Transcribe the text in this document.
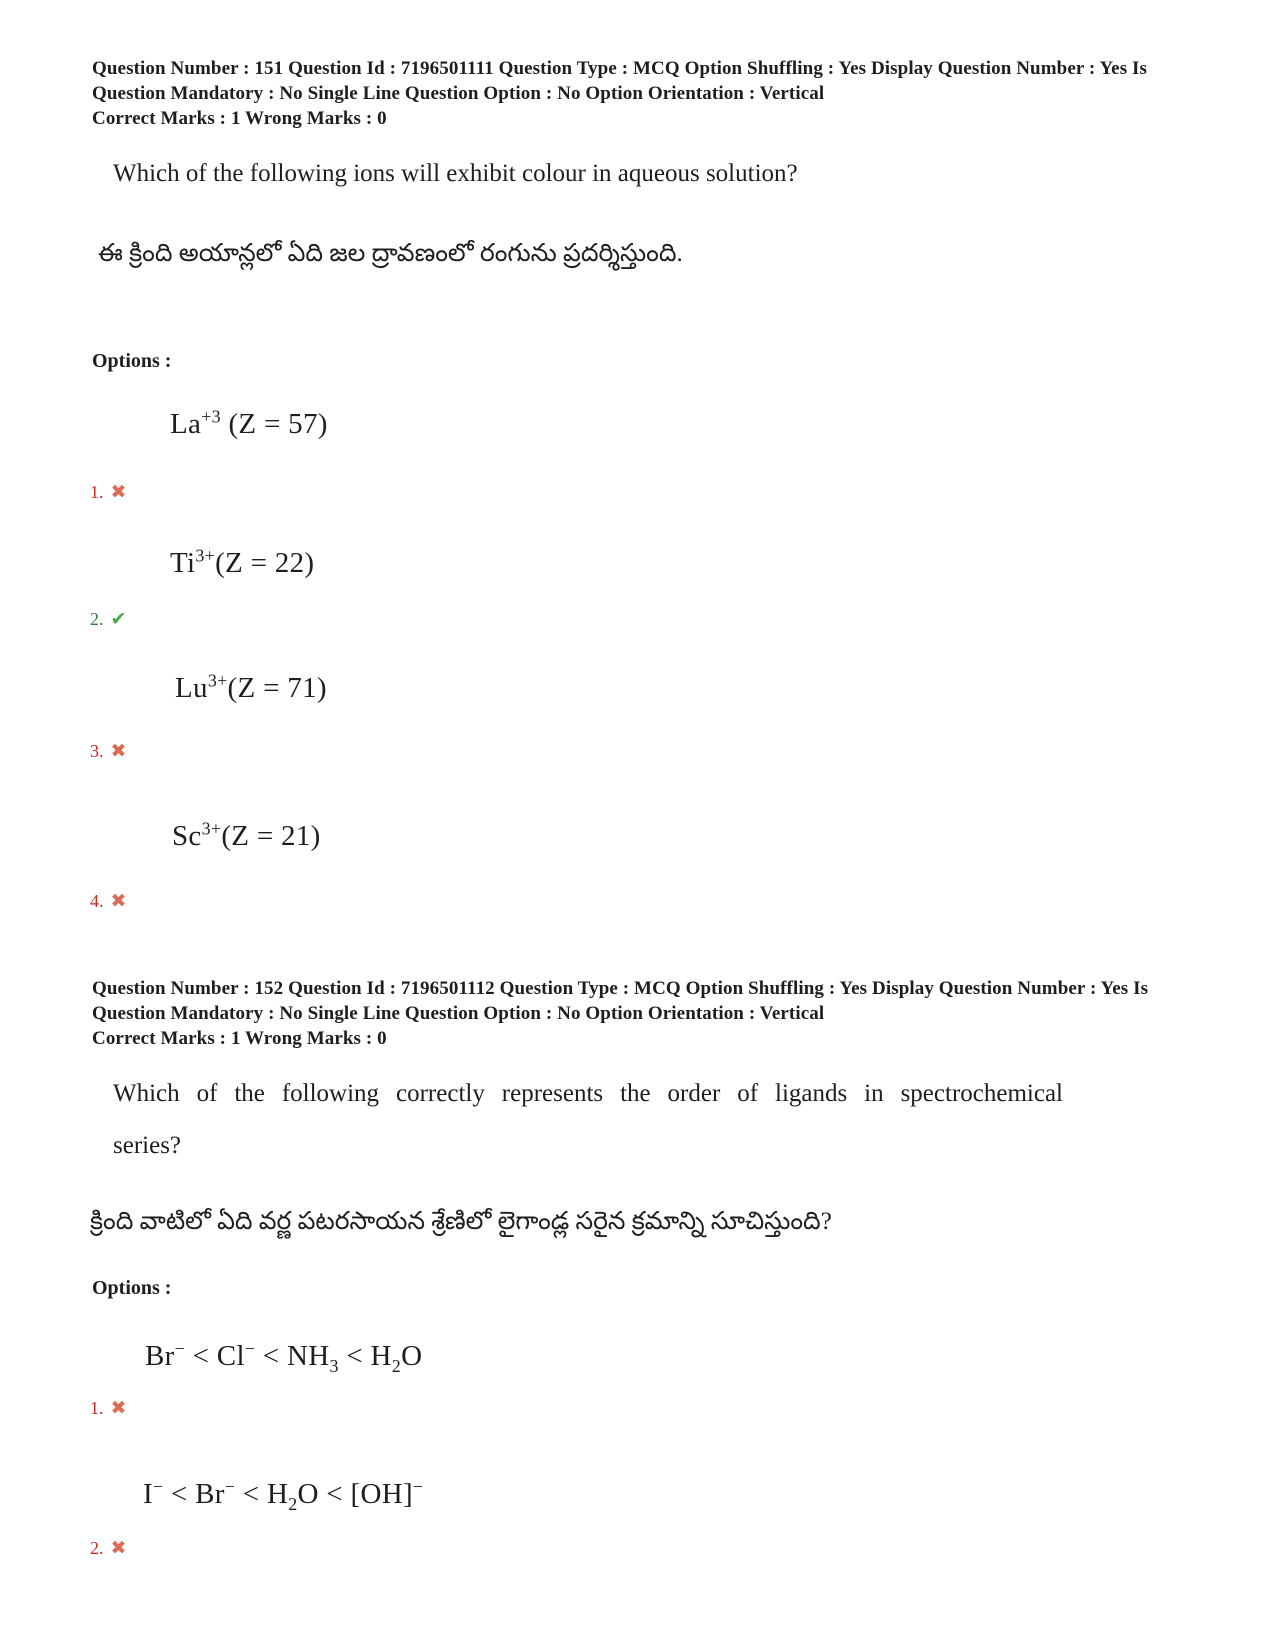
Question Number : 151 Question Id : 7196501111 Question Type : MCQ Option Shuffling : Yes Display Question Number : Yes Is
Question Mandatory : No Single Line Question Option : No Option Orientation : Vertical
Correct Marks : 1 Wrong Marks : 0
Which of the following ions will exhibit colour in aqueous solution?
ఈ క్రింది అయాన్లలో ఏది జల ద్రావణంలో రంగును ప్రదర్శిస్తుంది.
Options :
$La^{+3}$ (Z = 57)
1. ✖
$Ti^{3+}(Z = 22)$
2. ✔
$Lu^{3+}(Z = 71)$
3. ✖
$Sc^{3+}(Z = 21)$
4. ✖
Question Number : 152 Question Id : 7196501112 Question Type : MCQ Option Shuffling : Yes Display Question Number : Yes Is
Question Mandatory : No Single Line Question Option : No Option Orientation : Vertical
Correct Marks : 1 Wrong Marks : 0
Which of the following correctly represents the order of ligands in spectrochemical
series?
క్రింది వాటిలో ఏది వర్ణ పటరసాయన శ్రేణిలో లైగాండ్ల సరైన క్రమాన్ని సూచిస్తుంది?
Options :
$Br^- < Cl^- < NH_3 < H_2O$
1. ✖
$I^- < Br^- < H_2O < [OH]^-$
2. ✖
